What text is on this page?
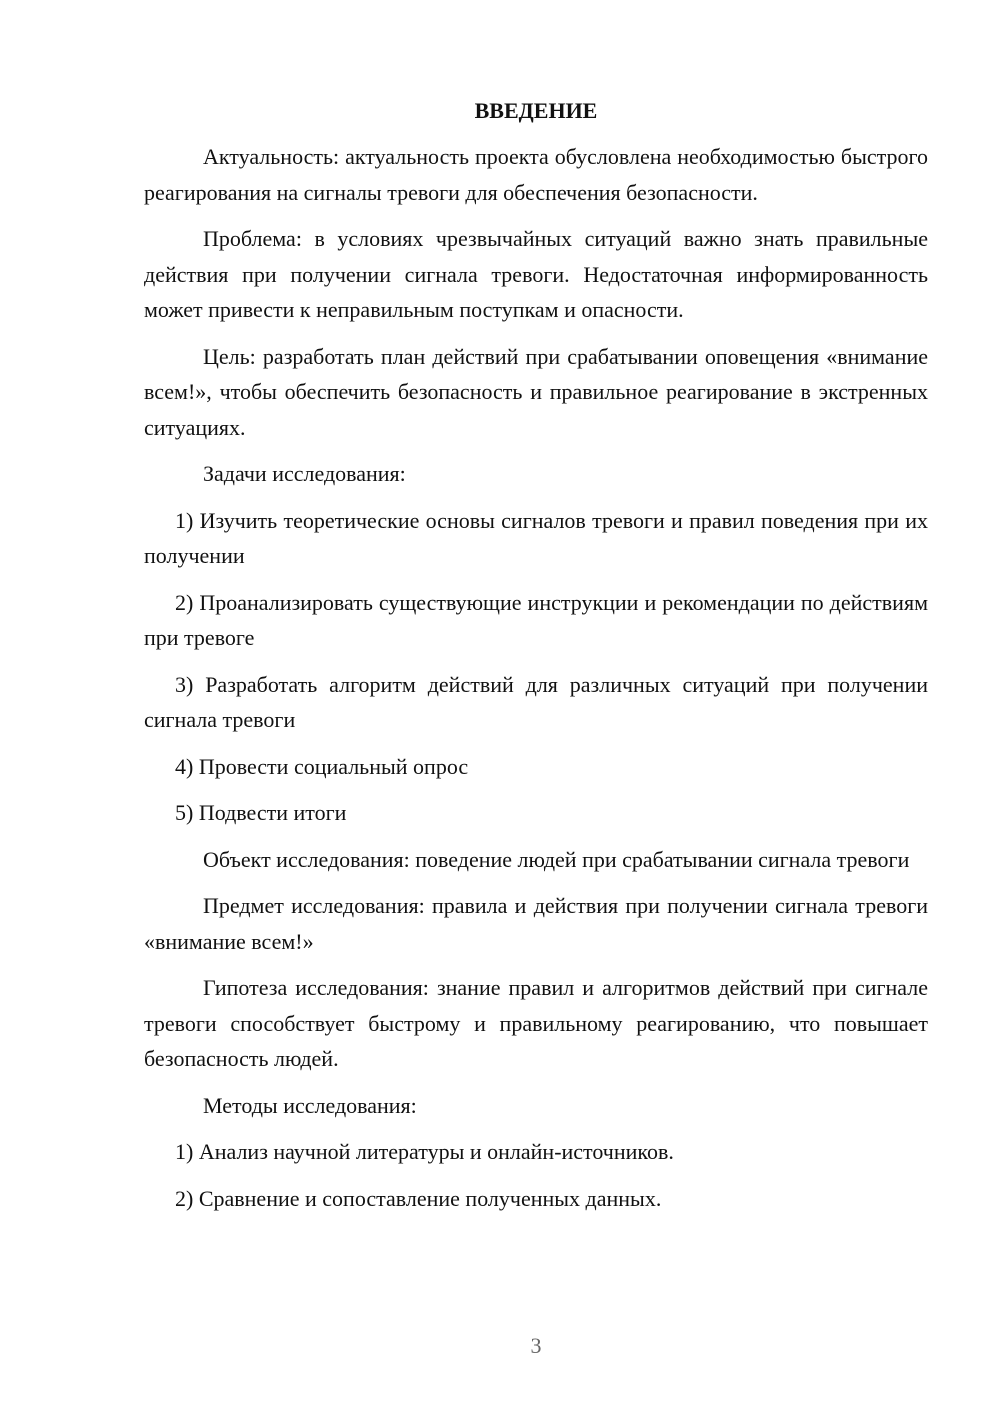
ВВЕДЕНИЕ

Актуальность: актуальность проекта обусловлена необходимостью быстрого реагирования на сигналы тревоги для обеспечения безопасности.

Проблема: в условиях чрезвычайных ситуаций важно знать правильные действия при получении сигнала тревоги. Недостаточная информированность может привести к неправильным поступкам и опасности.

Цель: разработать план действий при срабатывании оповещения «внимание всем!», чтобы обеспечить безопасность и правильное реагирование в экстренных ситуациях.

Задачи исследования:

1) Изучить теоретические основы сигналов тревоги и правил поведения при их получении

2) Проанализировать существующие инструкции и рекомендации по действиям при тревоге

3) Разработать алгоритм действий для различных ситуаций при получении сигнала тревоги

4) Провести социальный опрос

5) Подвести итоги

Объект исследования: поведение людей при срабатывании сигнала тревоги

Предмет исследования: правила и действия при получении сигнала тревоги «внимание всем!»

Гипотеза исследования: знание правил и алгоритмов действий при сигнале тревоги способствует быстрому и правильному реагированию, что повышает безопасность людей.

Методы исследования:

1) Анализ научной литературы и онлайн-источников.

2) Сравнение и сопоставление полученных данных.

3
